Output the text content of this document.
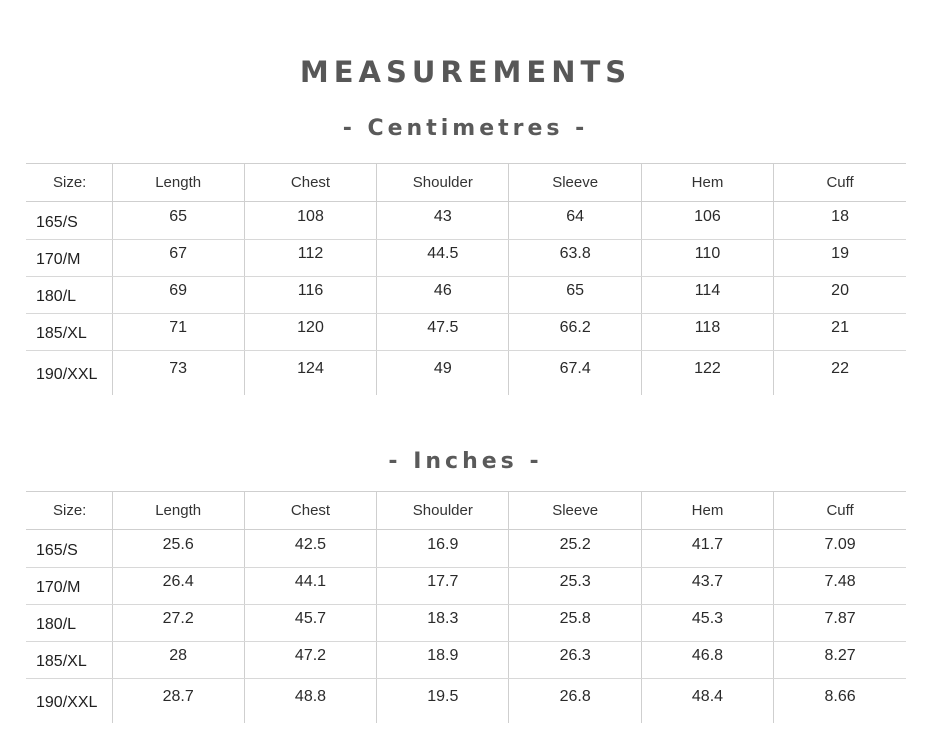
MEASUREMENTS
- Centimetres -
Size:	Length	Chest	Shoulder	Sleeve	Hem	Cuff
165/S	65	108	43	64	106	18
170/M	67	112	44.5	63.8	110	19
180/L	69	116	46	65	114	20
185/XL	71	120	47.5	66.2	118	21
190/XXL	73	124	49	67.4	122	22
- Inches -
Size:	Length	Chest	Shoulder	Sleeve	Hem	Cuff
165/S	25.6	42.5	16.9	25.2	41.7	7.09
170/M	26.4	44.1	17.7	25.3	43.7	7.48
180/L	27.2	45.7	18.3	25.8	45.3	7.87
185/XL	28	47.2	18.9	26.3	46.8	8.27
190/XXL	28.7	48.8	19.5	26.8	48.4	8.66
